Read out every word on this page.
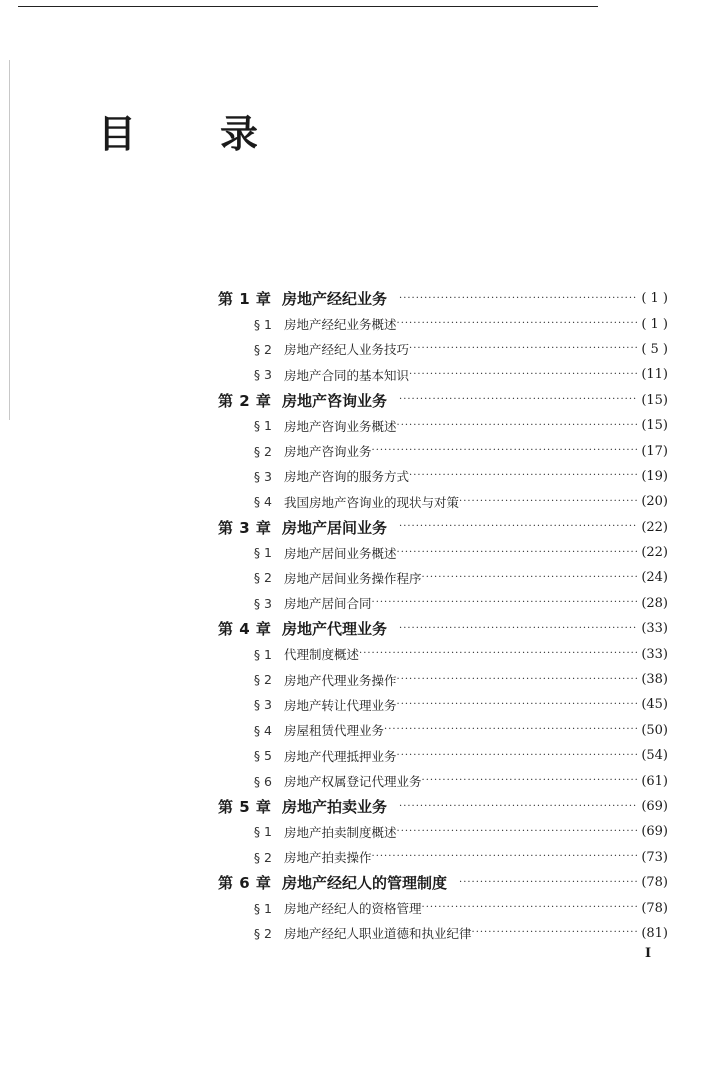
目 录
第 1 章 房地产经纪业务 ·····	( 1 )
§ 1 房地产经纪业务概述 ·····	( 1 )
§ 2 房地产经纪人业务技巧 ·····	( 5 )
§ 3 房地产合同的基本知识 ·····	(11)
第 2 章 房地产咨询业务 ·····	(15)
§ 1 房地产咨询业务概述 ·····	(15)
§ 2 房地产咨询业务 ·····	(17)
§ 3 房地产咨询的服务方式 ·····	(19)
§ 4 我国房地产咨询业的现状与对策 ·····	(20)
第 3 章 房地产居间业务 ·····	(22)
§ 1 房地产居间业务概述 ·····	(22)
§ 2 房地产居间业务操作程序 ·····	(24)
§ 3 房地产居间合同 ·····	(28)
第 4 章 房地产代理业务 ·····	(33)
§ 1 代理制度概述 ·····	(33)
§ 2 房地产代理业务操作 ·····	(38)
§ 3 房地产转让代理业务 ·····	(45)
§ 4 房屋租赁代理业务 ·····	(50)
§ 5 房地产代理抵押业务 ·····	(54)
§ 6 房地产权属登记代理业务 ·····	(61)
第 5 章 房地产拍卖业务 ·····	(69)
§ 1 房地产拍卖制度概述 ·····	(69)
§ 2 房地产拍卖操作 ·····	(73)
第 6 章 房地产经纪人的管理制度 ·····	(78)
§ 1 房地产经纪人的资格管理 ·····	(78)
§ 2 房地产经纪人职业道德和执业纪律 ·····	(81)
I
